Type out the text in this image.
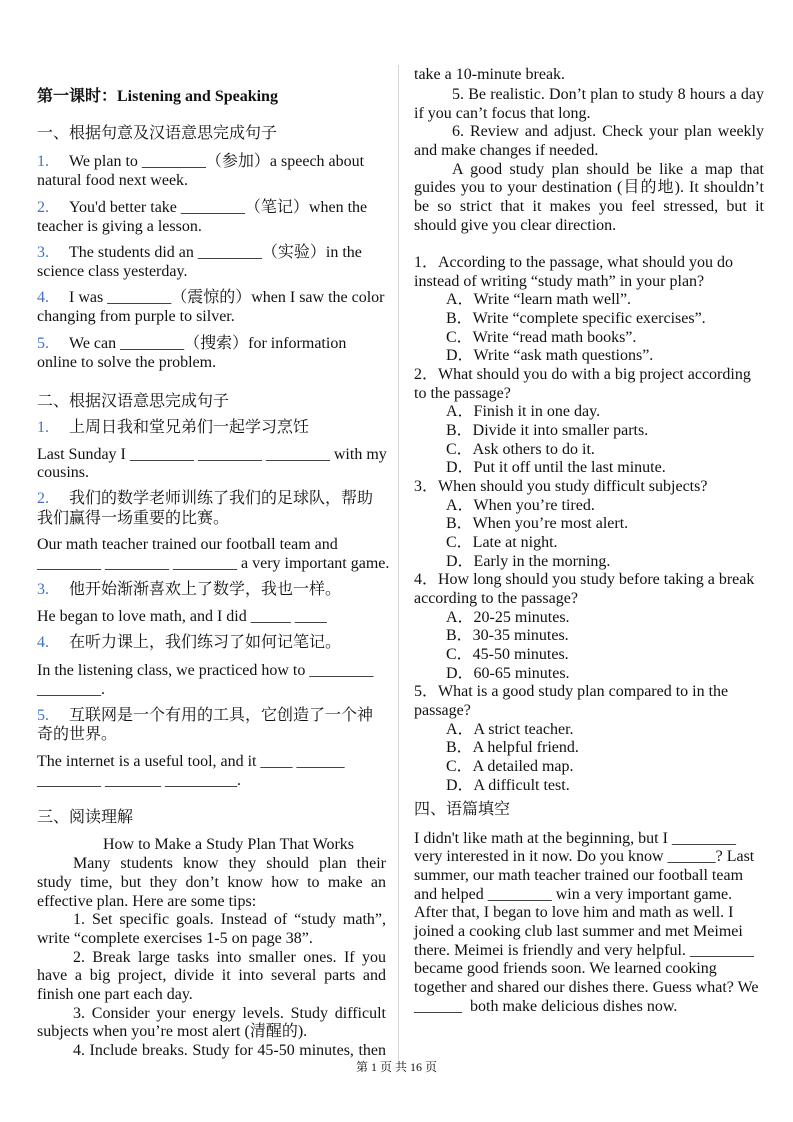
第一课时：Listening and Speaking
一、根据句意及汉语意思完成句子
1. We plan to ________（参加）a speech about
natural food next week.
2. You'd better take ________（笔记）when the
teacher is giving a lesson.
3. The students did an ________（实验）in the
science class yesterday.
4. I was ________（震惊的）when I saw the color
changing from purple to silver.
5. We can ________（搜索）for information
online to solve the problem.
二、根据汉语意思完成句子
1. 上周日我和堂兄弟们一起学习烹饪
Last Sunday I ________ ________ ________ with my
cousins.
2. 我们的数学老师训练了我们的足球队，帮助
我们赢得一场重要的比赛。
Our math teacher trained our football team and
________ ________ ________ a very important game.
3. 他开始渐渐喜欢上了数学，我也一样。
He began to love math, and I did _____ ____
4. 在听力课上，我们练习了如何记笔记。
In the listening class, we practiced how to ________
________.
5. 互联网是一个有用的工具，它创造了一个神
奇的世界。
The internet is a useful tool, and it ____ ______
________ _______ _________.
三、阅读理解
How to Make a Study Plan That Works
Many students know they should plan their
study time, but they don’t know how to make an
effective plan. Here are some tips:
1. Set specific goals. Instead of “study math”,
write “complete exercises 1-5 on page 38”.
2. Break large tasks into smaller ones. If you
have a big project, divide it into several parts and
finish one part each day.
3. Consider your energy levels. Study difficult
subjects when you’re most alert (清醒的).
4. Include breaks. Study for 45-50 minutes, then
take a 10-minute break.
5. Be realistic. Don’t plan to study 8 hours a day
if you can’t focus that long.
6. Review and adjust. Check your plan weekly
and make changes if needed.
A good study plan should be like a map that
guides you to your destination (目的地). It shouldn’t
be so strict that it makes you feel stressed, but it
should give you clear direction.
1．According to the passage, what should you do
instead of writing “study math” in your plan?
A．Write “learn math well”.
B．Write “complete specific exercises”.
C．Write “read math books”.
D．Write “ask math questions”.
2．What should you do with a big project according
to the passage?
A．Finish it in one day.
B．Divide it into smaller parts.
C．Ask others to do it.
D．Put it off until the last minute.
3．When should you study difficult subjects?
A．When you’re tired.
B．When you’re most alert.
C．Late at night.
D．Early in the morning.
4．How long should you study before taking a break
according to the passage?
A．20-25 minutes.
B．30-35 minutes.
C．45-50 minutes.
D．60-65 minutes.
5．What is a good study plan compared to in the
passage?
A．A strict teacher.
B．A helpful friend.
C．A detailed map.
D．A difficult test.
四、语篇填空
I didn't like math at the beginning, but I ________
very interested in it now. Do you know ______? Last
summer, our math teacher trained our football team
and helped ________ win a very important game.
After that, I began to love him and math as well. I
joined a cooking club last summer and met Meimei
there. Meimei is friendly and very helpful. ________
became good friends soon. We learned cooking
together and shared our dishes there. Guess what? We
______  both make delicious dishes now.
第 1 页 共 16 页
